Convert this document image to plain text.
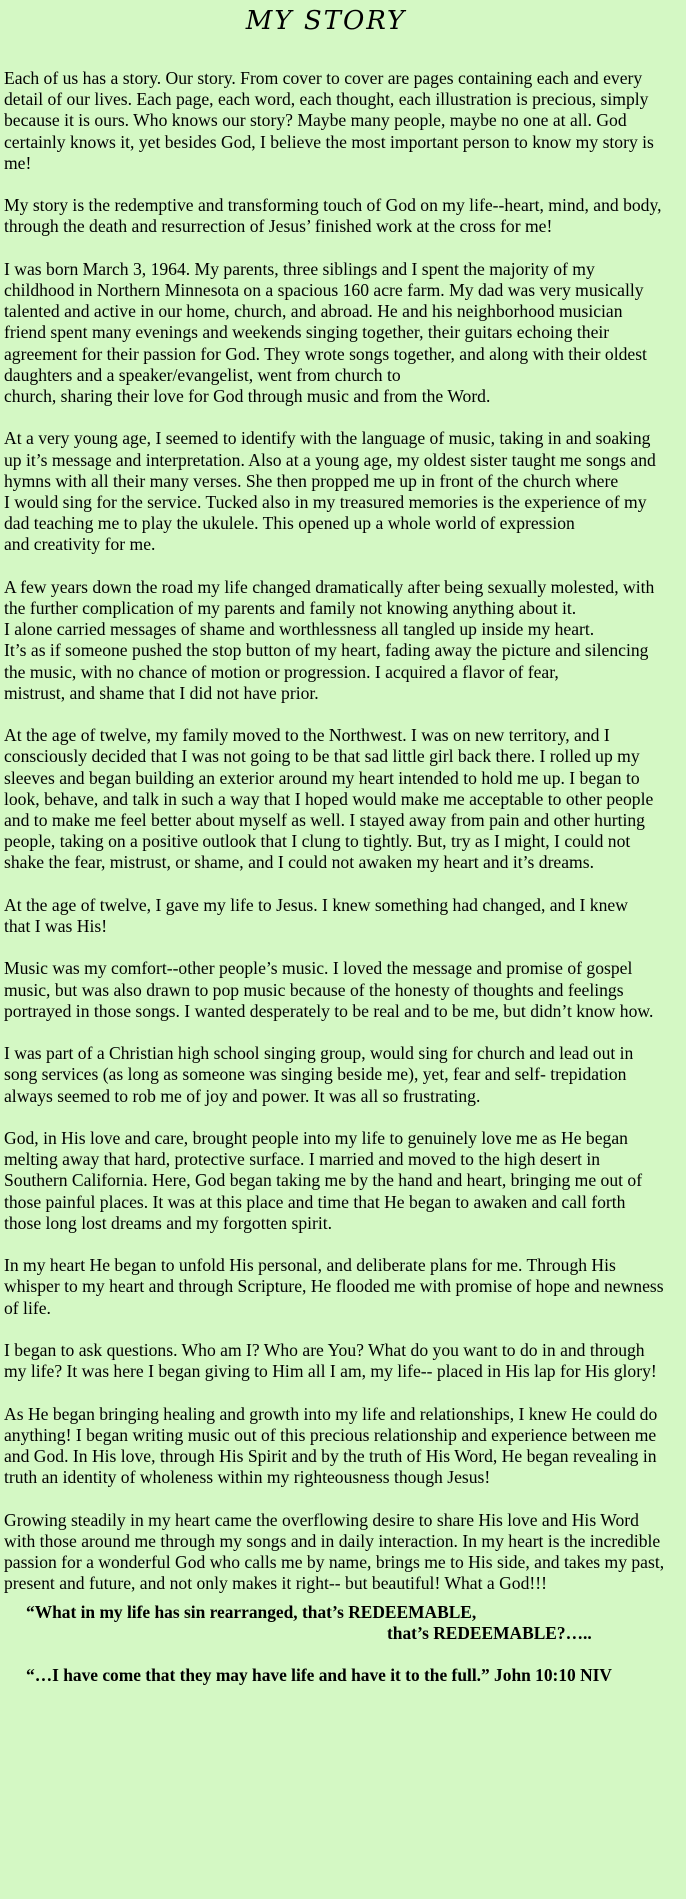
MY STORY

Each of us has a story. Our story. From cover to cover are pages containing each and every
detail of our lives. Each page, each word, each thought, each illustration is precious, simply
because it is ours. Who knows our story? Maybe many people, maybe no one at all. God
certainly knows it, yet besides God, I believe the most important person to know my story is
me!

My story is the redemptive and transforming touch of God on my life--heart, mind, and body,
through the death and resurrection of Jesus’ finished work at the cross for me!

I was born March 3, 1964. My parents, three siblings and I spent the majority of my
childhood in Northern Minnesota on a spacious 160 acre farm. My dad was very musically
talented and active in our home, church, and abroad. He and his neighborhood musician
friend spent many evenings and weekends singing together, their guitars echoing their
agreement for their passion for God. They wrote songs together, and along with their oldest
daughters and a speaker/evangelist, went from church to
church, sharing their love for God through music and from the Word.

At a very young age, I seemed to identify with the language of music, taking in and soaking
up it’s message and interpretation. Also at a young age, my oldest sister taught me songs and
hymns with all their many verses. She then propped me up in front of the church where
I would sing for the service. Tucked also in my treasured memories is the experience of my
dad teaching me to play the ukulele. This opened up a whole world of expression
and creativity for me.

A few years down the road my life changed dramatically after being sexually molested, with
the further complication of my parents and family not knowing anything about it.
I alone carried messages of shame and worthlessness all tangled up inside my heart.
It’s as if someone pushed the stop button of my heart, fading away the picture and silencing
the music, with no chance of motion or progression. I acquired a flavor of fear,
mistrust, and shame that I did not have prior.

At the age of twelve, my family moved to the Northwest. I was on new territory, and I
consciously decided that I was not going to be that sad little girl back there. I rolled up my
sleeves and began building an exterior around my heart intended to hold me up. I began to
look, behave, and talk in such a way that I hoped would make me acceptable to other people
and to make me feel better about myself as well. I stayed away from pain and other hurting
people, taking on a positive outlook that I clung to tightly. But, try as I might, I could not
shake the fear, mistrust, or shame, and I could not awaken my heart and it’s dreams.

At the age of twelve, I gave my life to Jesus. I knew something had changed, and I knew
that I was His!

Music was my comfort--other people’s music. I loved the message and promise of gospel
music, but was also drawn to pop music because of the honesty of thoughts and feelings
portrayed in those songs. I wanted desperately to be real and to be me, but didn’t know how.

I was part of a Christian high school singing group, would sing for church and lead out in
song services (as long as someone was singing beside me), yet, fear and self- trepidation
always seemed to rob me of joy and power. It was all so frustrating.

God, in His love and care, brought people into my life to genuinely love me as He began
melting away that hard, protective surface. I married and moved to the high desert in
Southern California. Here, God began taking me by the hand and heart, bringing me out of
those painful places. It was at this place and time that He began to awaken and call forth
those long lost dreams and my forgotten spirit.

In my heart He began to unfold His personal, and deliberate plans for me. Through His
whisper to my heart and through Scripture, He flooded me with promise of hope and newness
of life.

I began to ask questions. Who am I? Who are You? What do you want to do in and through
my life? It was here I began giving to Him all I am, my life-- placed in His lap for His glory!

As He began bringing healing and growth into my life and relationships, I knew He could do
anything! I began writing music out of this precious relationship and experience between me
and God. In His love, through His Spirit and by the truth of His Word, He began revealing in
truth an identity of wholeness within my righteousness though Jesus!

Growing steadily in my heart came the overflowing desire to share His love and His Word
with those around me through my songs and in daily interaction. In my heart is the incredible
passion for a wonderful God who calls me by name, brings me to His side, and takes my past,
present and future, and not only makes it right-- but beautiful! What a God!!!

“What in my life has sin rearranged, that’s REDEEMABLE,
that’s REDEEMABLE?…..
“…I have come that they may have life and have it to the full.” John 10:10 NIV
